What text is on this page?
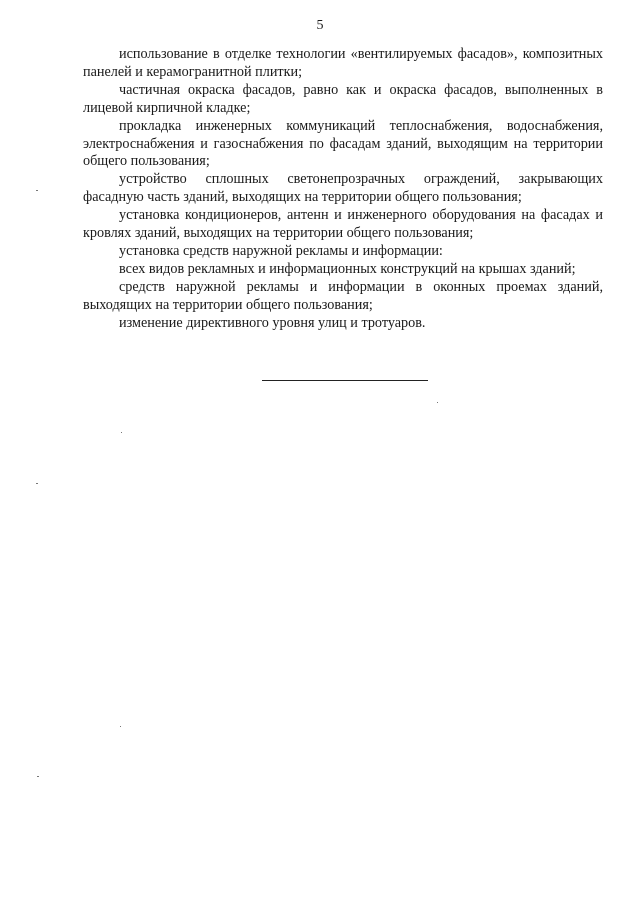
5

использование в отделке технологии «вентилируемых фасадов», композитных панелей и керамогранитной плитки;

частичная окраска фасадов, равно как и окраска фасадов, выполненных в лицевой кирпичной кладке;

прокладка инженерных коммуникаций теплоснабжения, водоснабжения, электроснабжения и газоснабжения по фасадам зданий, выходящим на территории общего пользования;

устройство сплошных светонепрозрачных ограждений, закрывающих фасадную часть зданий, выходящих на территории общего пользования;

установка кондиционеров, антенн и инженерного оборудования на фасадах и кровлях зданий, выходящих на территории общего пользования;

установка средств наружной рекламы и информации:

всех видов рекламных и информационных конструкций на крышах зданий;

средств наружной рекламы и информации в оконных проемах зданий, выходящих на территории общего пользования;

изменение директивного уровня улиц и тротуаров.
